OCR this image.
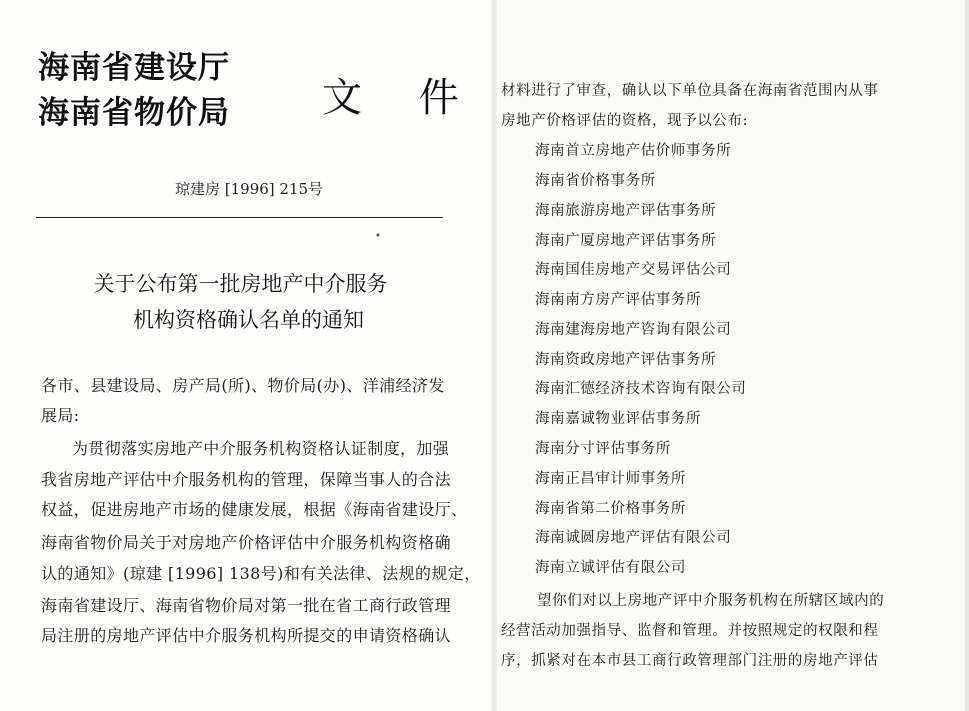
海南省建设厅
海南省物价局 文 件
琼建房 [1996] 215号
•
关于公布第一批房地产中介服务
机构资格确认名单的通知
各市、县建设局、房产局(所)、物价局(办)、洋浦经济发
展局:
为贯彻落实房地产中介服务机构资格认证制度，加强
我省房地产评估中介服务机构的管理，保障当事人的合法
权益，促进房地产市场的健康发展，根据《海南省建设厅、
海南省物价局关于对房地产价格评估中介服务机构资格确
认的通知》(琼建 [1996] 138号)和有关法律、法规的规定，
海南省建设厅、海南省物价局对第一批在省工商行政管理
局注册的房地产评估中介服务机构所提交的申请资格确认
材料进行了审查，确认以下单位具备在海南省范围内从事
房地产价格评估的资格，现予以公布:
海南首立房地产估价师事务所
海南省价格事务所
海南旅游房地产评估事务所
海南广厦房地产评估事务所
海南国佳房地产交易评估公司
海南南方房产评估事务所
海南建海房地产咨询有限公司
海南资政房地产评估事务所
海南汇德经济技术咨询有限公司
海南嘉诚物业评估事务所
海南分寸评估事务所
海南正昌审计师事务所
海南省第二价格事务所
海南诚圆房地产评估有限公司
海南立诚评估有限公司
望你们对以上房地产评中介服务机构在所辖区域内的
经营活动加强指导、监督和管理。并按照规定的权限和程
序，抓紧对在本市县工商行政管理部门注册的房地产评估
